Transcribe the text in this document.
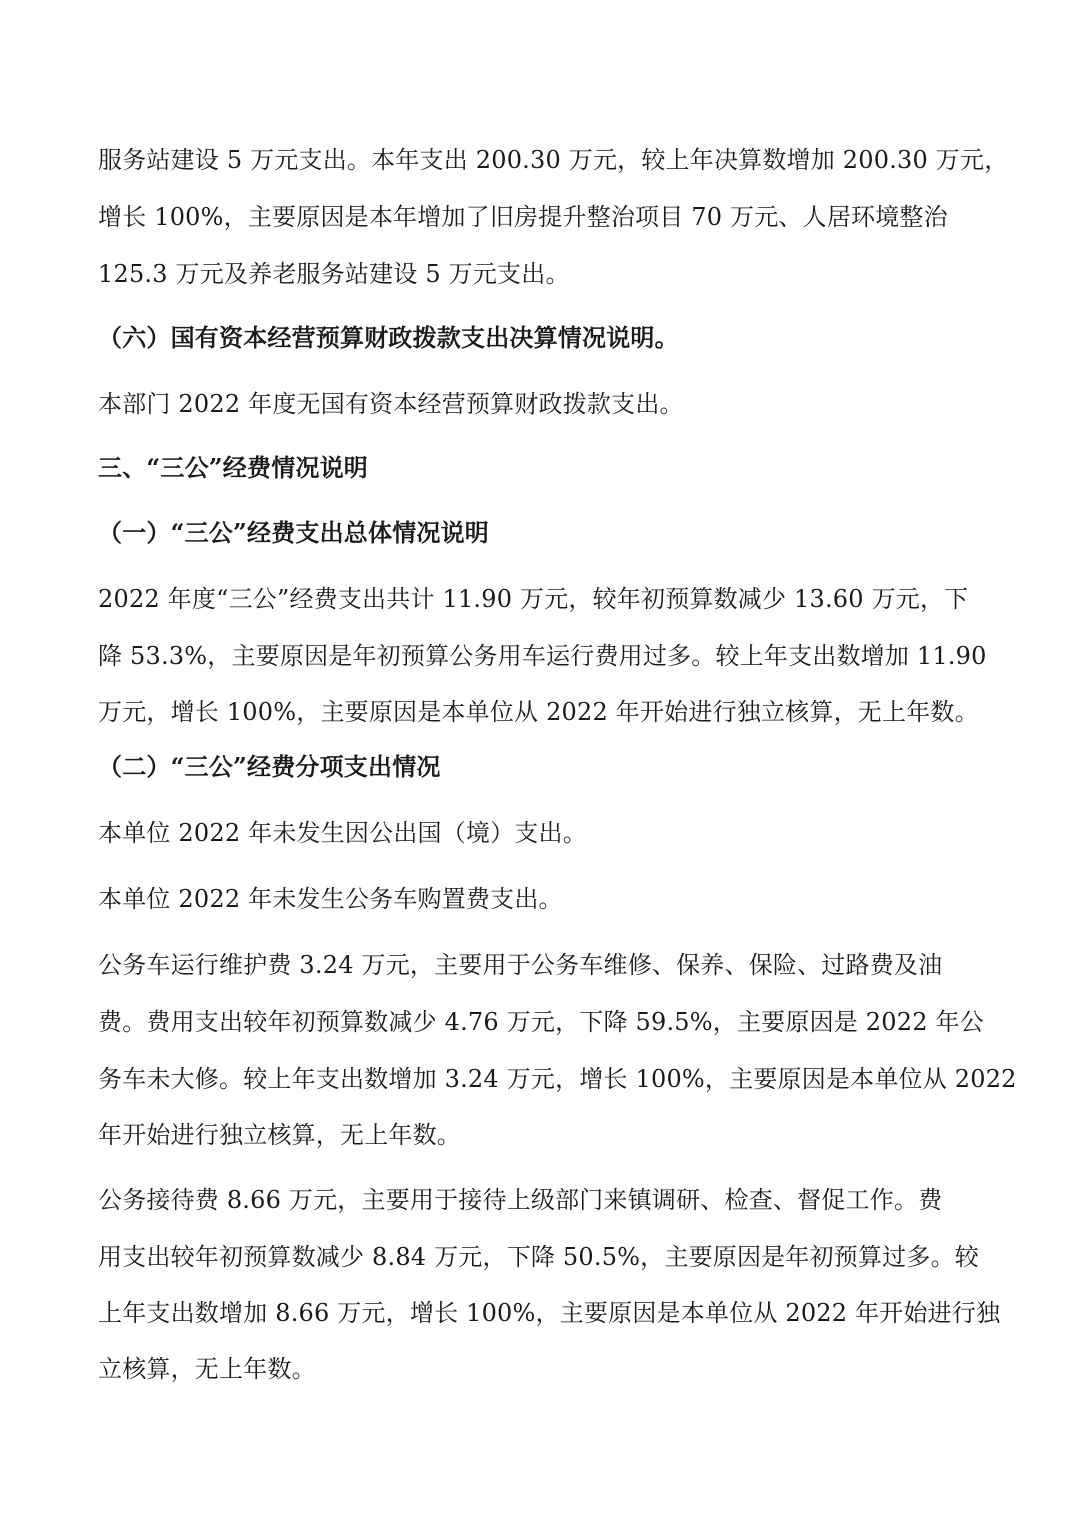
服务站建设 5 万元支出。本年支出 200.30 万元，较上年决算数增加 200.30 万元，
增长 100%，主要原因是本年增加了旧房提升整治项目 70 万元、人居环境整治
125.3 万元及养老服务站建设 5 万元支出。
（六）国有资本经营预算财政拨款支出决算情况说明。
本部门 2022 年度无国有资本经营预算财政拨款支出。
三、“三公”经费情况说明
（一）“三公”经费支出总体情况说明
2022 年度“三公”经费支出共计 11.90 万元，较年初预算数减少 13.60 万元，下
降 53.3%，主要原因是年初预算公务用车运行费用过多。较上年支出数增加 11.90
万元，增长 100%，主要原因是本单位从 2022 年开始进行独立核算，无上年数。
（二）“三公”经费分项支出情况
本单位 2022 年未发生因公出国（境）支出。
本单位 2022 年未发生公务车购置费支出。
公务车运行维护费 3.24 万元，主要用于公务车维修、保养、保险、过路费及油
费。费用支出较年初预算数减少 4.76 万元，下降 59.5%，主要原因是 2022 年公
务车未大修。较上年支出数增加 3.24 万元，增长 100%，主要原因是本单位从 2022
年开始进行独立核算，无上年数。
公务接待费 8.66 万元，主要用于接待上级部门来镇调研、检查、督促工作。费
用支出较年初预算数减少 8.84 万元，下降 50.5%，主要原因是年初预算过多。较
上年支出数增加 8.66 万元，增长 100%，主要原因是本单位从 2022 年开始进行独
立核算，无上年数。
